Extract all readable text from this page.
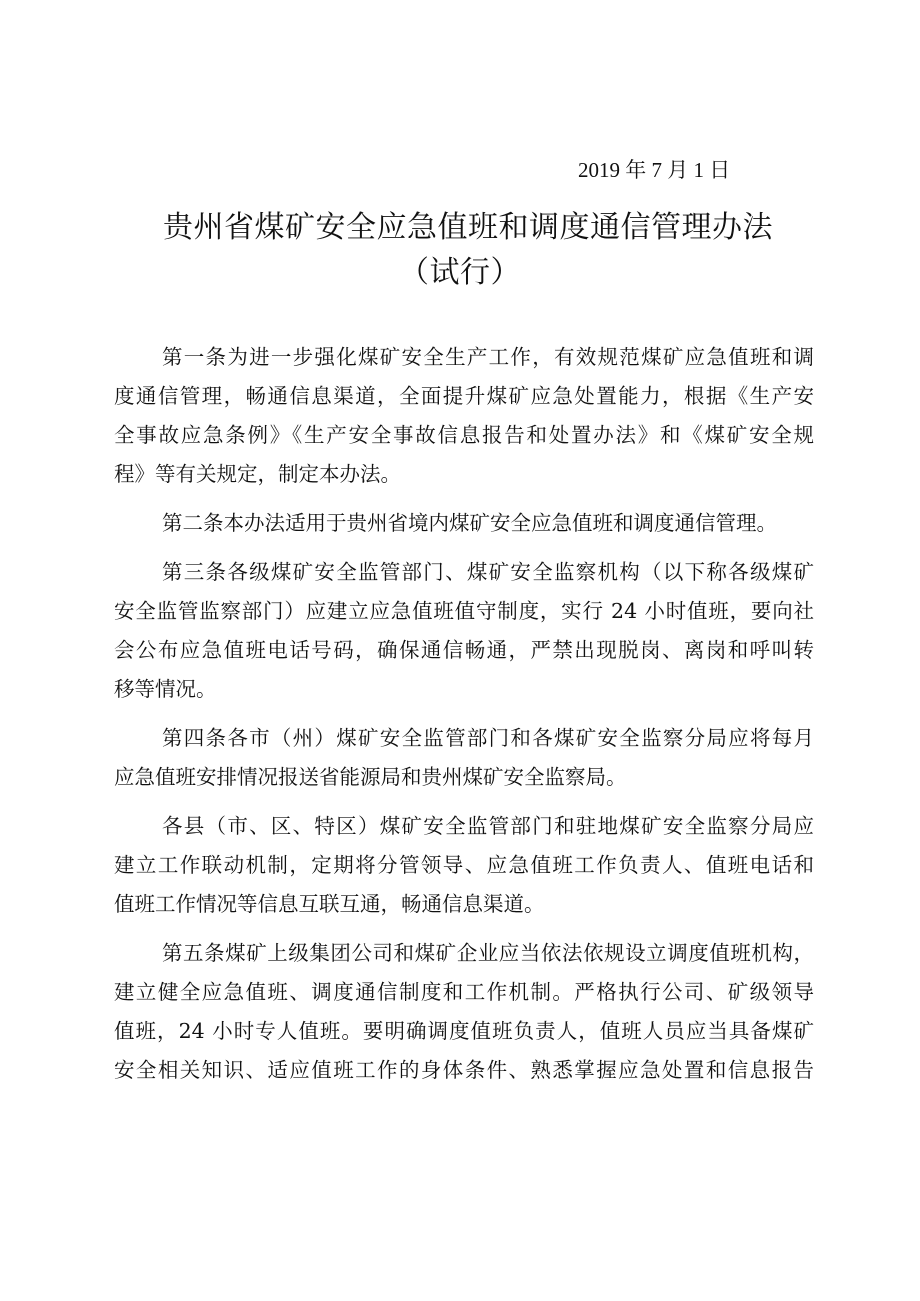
2019 年 7 月 1 日
贵州省煤矿安全应急值班和调度通信管理办法
（试行）
第一条为进一步强化煤矿安全生产工作，有效规范煤矿应急值班和调
度通信管理，畅通信息渠道，全面提升煤矿应急处置能力，根据《生产安
全事故应急条例》《生产安全事故信息报告和处置办法》和《煤矿安全规
程》等有关规定，制定本办法。
第二条本办法适用于贵州省境内煤矿安全应急值班和调度通信管理。
第三条各级煤矿安全监管部门、煤矿安全监察机构（以下称各级煤矿
安全监管监察部门）应建立应急值班值守制度，实行 24 小时值班，要向社
会公布应急值班电话号码，确保通信畅通，严禁出现脱岗、离岗和呼叫转
移等情况。
第四条各市（州）煤矿安全监管部门和各煤矿安全监察分局应将每月
应急值班安排情况报送省能源局和贵州煤矿安全监察局。
各县（市、区、特区）煤矿安全监管部门和驻地煤矿安全监察分局应
建立工作联动机制，定期将分管领导、应急值班工作负责人、值班电话和
值班工作情况等信息互联互通，畅通信息渠道。
第五条煤矿上级集团公司和煤矿企业应当依法依规设立调度值班机构，
建立健全应急值班、调度通信制度和工作机制。严格执行公司、矿级领导
值班，24 小时专人值班。要明确调度值班负责人，值班人员应当具备煤矿
安全相关知识、适应值班工作的身体条件、熟悉掌握应急处置和信息报告
